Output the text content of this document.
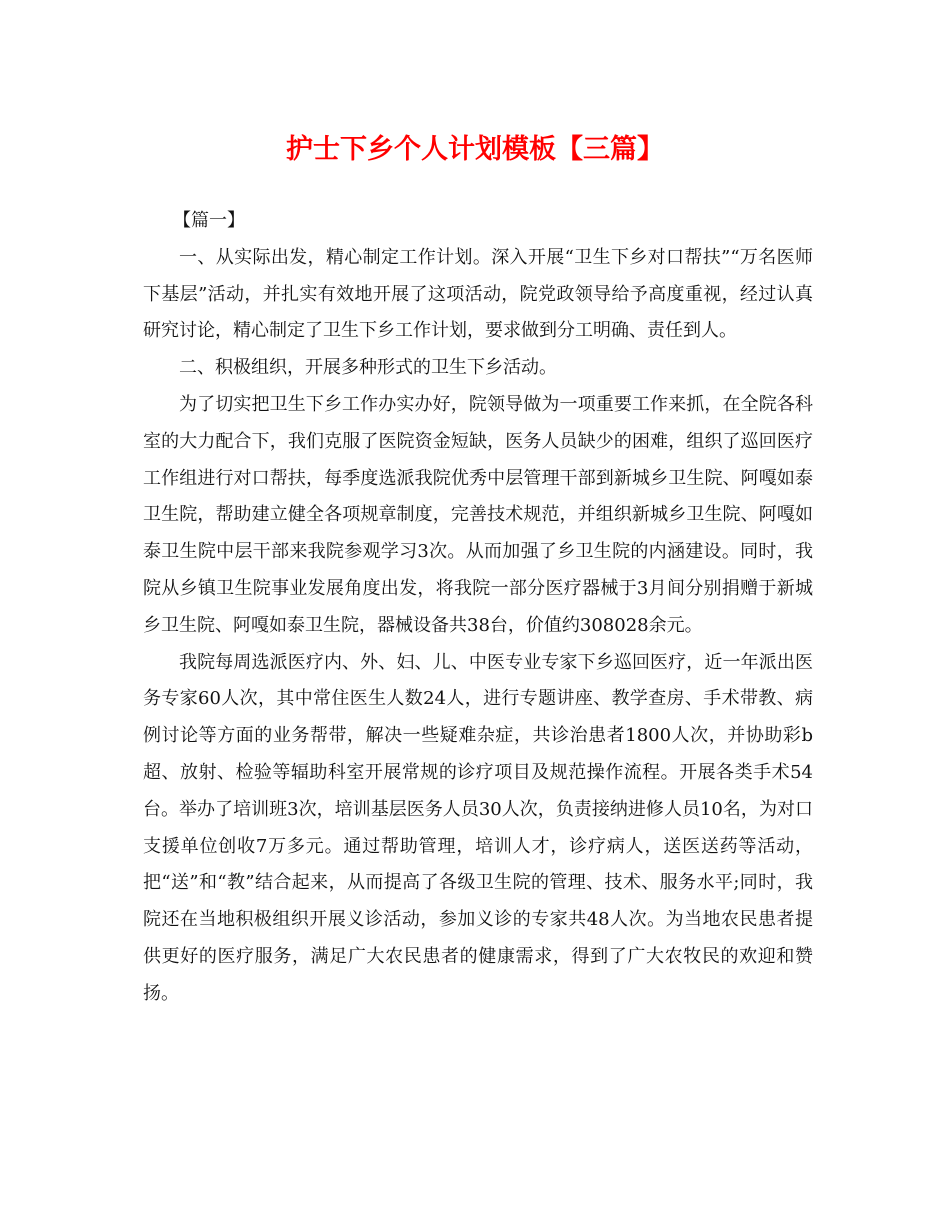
护士下乡个人计划模板【三篇】

【篇一】

一、从实际出发，精心制定工作计划。深入开展“卫生下乡对口帮扶”“万名医师下基层”活动，并扎实有效地开展了这项活动，院党政领导给予高度重视，经过认真研究讨论，精心制定了卫生下乡工作计划，要求做到分工明确、责任到人。

二、积极组织，开展多种形式的卫生下乡活动。

为了切实把卫生下乡工作办实办好，院领导做为一项重要工作来抓，在全院各科室的大力配合下，我们克服了医院资金短缺，医务人员缺少的困难，组织了巡回医疗工作组进行对口帮扶，每季度选派我院优秀中层管理干部到新城乡卫生院、阿嘎如泰卫生院，帮助建立健全各项规章制度，完善技术规范，并组织新城乡卫生院、阿嘎如泰卫生院中层干部来我院参观学习3次。从而加强了乡卫生院的内涵建设。同时，我院从乡镇卫生院事业发展角度出发，将我院一部分医疗器械于3月间分别捐赠于新城乡卫生院、阿嘎如泰卫生院，器械设备共38台，价值约308028余元。

我院每周选派医疗内、外、妇、儿、中医专业专家下乡巡回医疗，近一年派出医务专家60人次，其中常住医生人数24人，进行专题讲座、教学查房、手术带教、病例讨论等方面的业务帮带，解决一些疑难杂症，共诊治患者1800人次，并协助彩b超、放射、检验等辐助科室开展常规的诊疗项目及规范操作流程。开展各类手术54台。举办了培训班3次，培训基层医务人员30人次，负责接纳进修人员10名，为对口支援单位创收7万多元。通过帮助管理，培训人才，诊疗病人，送医送药等活动，把“送”和“教”结合起来，从而提高了各级卫生院的管理、技术、服务水平;同时，我院还在当地积极组织开展义诊活动，参加义诊的专家共48人次。为当地农民患者提供更好的医疗服务，满足广大农民患者的健康需求，得到了广大农牧民的欢迎和赞扬。
